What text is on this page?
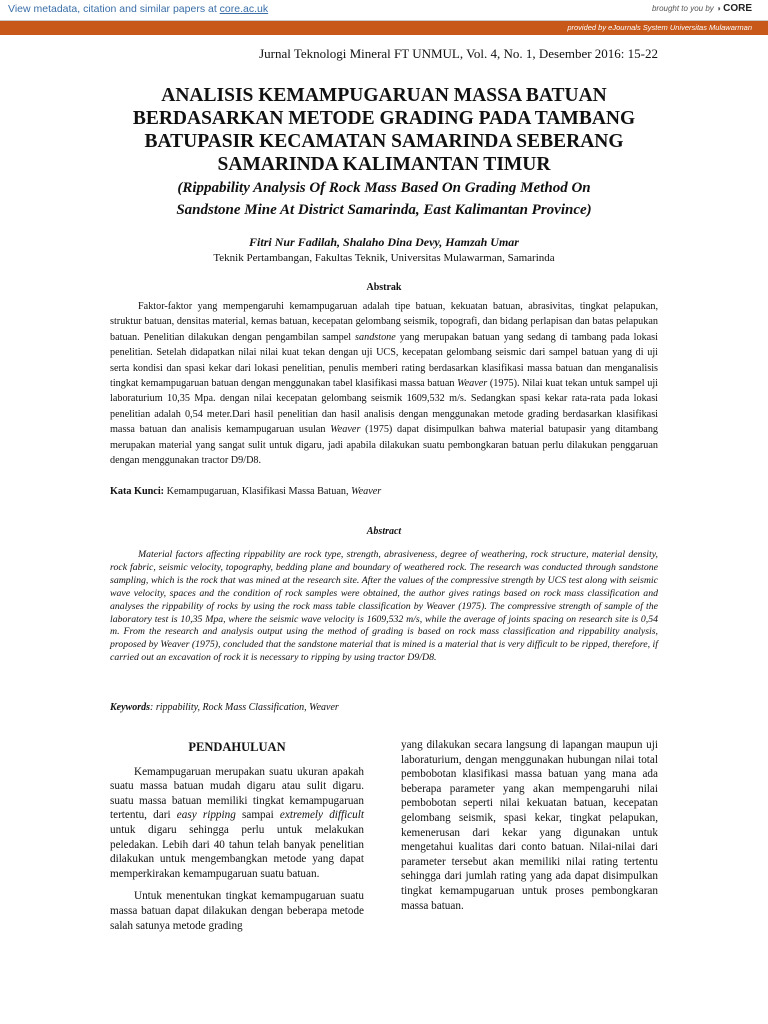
View metadata, citation and similar papers at core.ac.uk	brought to you by ◑ CORE
provided by eJournals System Universitas Mulawarman
Jurnal Teknologi Mineral FT UNMUL, Vol. 4, No. 1, Desember 2016: 15-22
ANALISIS KEMAMPUGARUAN MASSA BATUAN
BERDASARKAN METODE GRADING PADA TAMBANG
BATUPASIR KECAMATAN SAMARINDA SEBERANG
SAMARINDA KALIMANTAN TIMUR
(Rippability Analysis Of Rock Mass Based On Grading Method On
Sandstone Mine At District Samarinda, East Kalimantan Province)
Fitri Nur Fadilah, Shalaho Dina Devy, Hamzah Umar
Teknik Pertambangan, Fakultas Teknik, Universitas Mulawarman, Samarinda
Abstrak

Faktor-faktor yang mempengaruhi kemampugaruan adalah tipe batuan, kekuatan batuan, abrasivitas, tingkat pelapukan, struktur batuan, densitas material, kemas batuan, kecepatan gelombang seismik, topografi, dan bidang perlapisan dan batas pelapukan batuan. Penelitian dilakukan dengan pengambilan sampel sandstone yang merupakan batuan yang sedang di tambang pada lokasi penelitian. Setelah didapatkan nilai nilai kuat tekan dengan uji UCS, kecepatan gelombang seismic dari sampel batuan yang di uji serta kondisi dan spasi kekar dari lokasi penelitian, penulis memberi rating berdasarkan klasifikasi massa batuan dan menganalisis tingkat kemampugaruan batuan dengan menggunakan tabel klasifikasi massa batuan Weaver (1975). Nilai kuat tekan untuk sampel uji laboraturium 10,35 Mpa. dengan nilai kecepatan gelombang seismik 1609,532 m/s. Sedangkan spasi kekar rata-rata pada lokasi penelitian adalah 0,54 meter.Dari hasil penelitian dan hasil analisis dengan menggunakan metode grading berdasarkan klasifikasi massa batuan dan analisis kemampugaruan usulan Weaver (1975) dapat disimpulkan bahwa material batupasir yang ditambang merupakan material yang sangat sulit untuk digaru, jadi apabila dilakukan suatu pembongkaran batuan perlu dilakukan penggaruan dengan menggunakan tractor D9/D8.

Kata Kunci: Kemampugaruan, Klasifikasi Massa Batuan, Weaver
Abstract

Material factors affecting rippability are rock type, strength, abrasiveness, degree of weathering, rock structure, material density, rock fabric, seismic velocity, topography, bedding plane and boundary of weathered rock. The research was conducted through sandstone sampling, which is the rock that was mined at the research site. After the values of the compressive strength by UCS test along with seismic wave velocity, spaces and the condition of rock samples were obtained, the author gives ratings based on rock mass classification and analyses the rippability of rocks by using the rock mass table classification by Weaver (1975). The compressive strength of sample of the laboratory test is 10,35 Mpa, where the seismic wave velocity is 1609,532 m/s, while the average of joints spacing on research site is 0,54 m. From the research and analysis output using the method of grading is based on rock mass classification and rippability analysis, proposed by Weaver (1975), concluded that the sandstone material that is mined is a material that is very difficult to be ripped, therefore, if carried out an excavation of rock it is necessary to ripping by using tractor D9/D8.

Keywords: rippability, Rock Mass Classification, Weaver
PENDAHULUAN

Kemampugaruan merupakan suatu ukuran apakah suatu massa batuan mudah digaru atau sulit digaru. suatu massa batuan memiliki tingkat kemampugaruan tertentu, dari easy ripping sampai extremely difficult untuk digaru sehingga perlu untuk melakukan peledakan. Lebih dari 40 tahun telah banyak penelitian dilakukan untuk mengembangkan metode yang dapat memperkirakan kemampugaruan suatu batuan.

Untuk menentukan tingkat kemampugaruan suatu massa batuan dapat dilakukan dengan beberapa metode salah satunya metode grading

yang dilakukan secara langsung di lapangan maupun uji laboraturium, dengan menggunakan hubungan nilai total pembobotan klasifikasi massa batuan yang mana ada beberapa parameter yang akan mempengaruhi nilai pembobotan seperti nilai kekuatan batuan, kecepatan gelombang seismik, spasi kekar, tingkat pelapukan, kemenerusan dari kekar yang digunakan untuk mengetahui kualitas dari conto batuan. Nilai-nilai dari parameter tersebut akan memiliki nilai rating tertentu sehingga dari jumlah rating yang ada dapat disimpulkan tingkat kemampugaruan untuk proses pembongkaran massa batuan.
